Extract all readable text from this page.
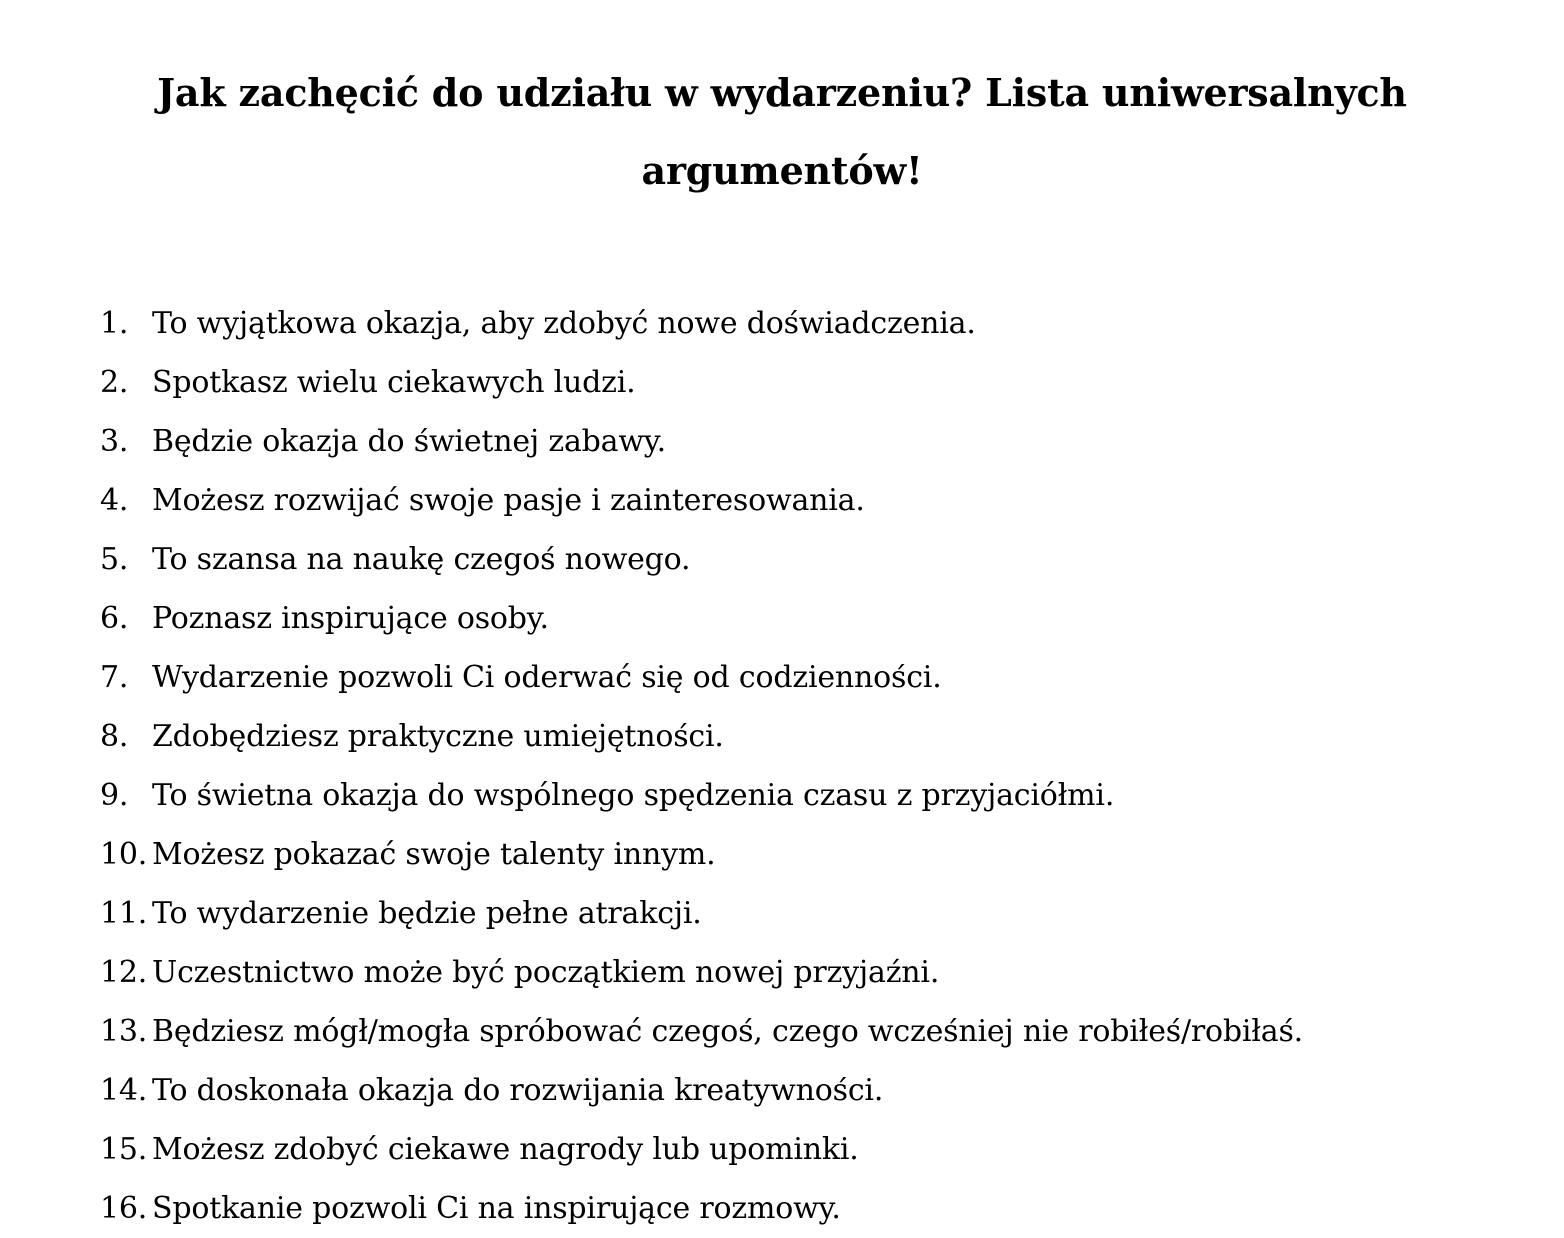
Jak zachęcić do udziału w wydarzeniu? Lista uniwersalnych
argumentów!
1. To wyjątkowa okazja, aby zdobyć nowe doświadczenia.
2. Spotkasz wielu ciekawych ludzi.
3. Będzie okazja do świetnej zabawy.
4. Możesz rozwijać swoje pasje i zainteresowania.
5. To szansa na naukę czegoś nowego.
6. Poznasz inspirujące osoby.
7. Wydarzenie pozwoli Ci oderwać się od codzienności.
8. Zdobędziesz praktyczne umiejętności.
9. To świetna okazja do wspólnego spędzenia czasu z przyjaciółmi.
10. Możesz pokazać swoje talenty innym.
11. To wydarzenie będzie pełne atrakcji.
12. Uczestnictwo może być początkiem nowej przyjaźni.
13. Będziesz mógł/mogła spróbować czegoś, czego wcześniej nie robiłeś/robiłaś.
14. To doskonała okazja do rozwijania kreatywności.
15. Możesz zdobyć ciekawe nagrody lub upominki.
16. Spotkanie pozwoli Ci na inspirujące rozmowy.
